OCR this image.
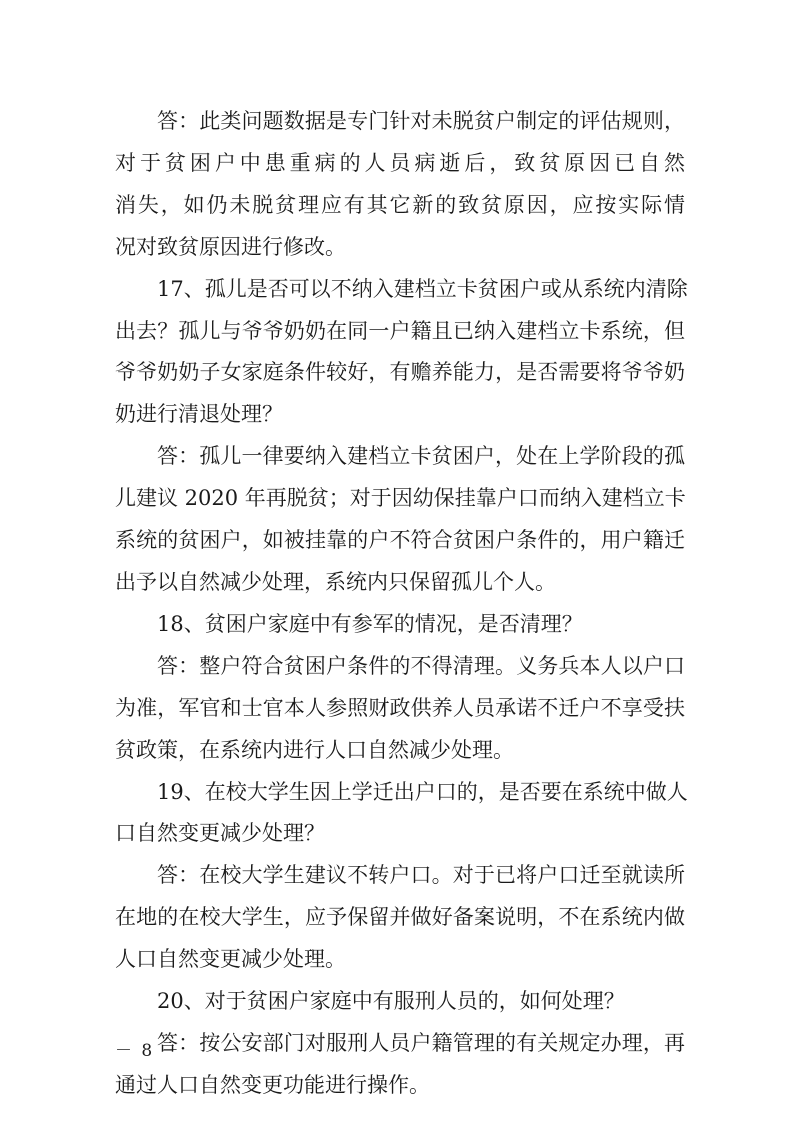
答：此类问题数据是专门针对未脱贫户制定的评估规则，
对于贫困户中患重病的人员病逝后，致贫原因已自然
消失，如仍未脱贫理应有其它新的致贫原因，应按实际情
况对致贫原因进行修改。

17、孤儿是否可以不纳入建档立卡贫困户或从系统内清除
出去？孤儿与爷爷奶奶在同一户籍且已纳入建档立卡系统，但
爷爷奶奶子女家庭条件较好，有赡养能力，是否需要将爷爷奶
奶进行清退处理？

答：孤儿一律要纳入建档立卡贫困户，处在上学阶段的孤
儿建议 2020 年再脱贫；对于因幼保挂靠户口而纳入建档立卡
系统的贫困户，如被挂靠的户不符合贫困户条件的，用户籍迁
出予以自然减少处理，系统内只保留孤儿个人。

18、贫困户家庭中有参军的情况，是否清理？

答：整户符合贫困户条件的不得清理。义务兵本人以户口
为准，军官和士官本人参照财政供养人员承诺不迁户不享受扶
贫政策，在系统内进行人口自然减少处理。

19、在校大学生因上学迁出户口的，是否要在系统中做人
口自然变更减少处理？

答：在校大学生建议不转户口。对于已将户口迁至就读所
在地的在校大学生，应予保留并做好备案说明，不在系统内做
人口自然变更减少处理。

20、对于贫困户家庭中有服刑人员的，如何处理？

答：按公安部门对服刑人员户籍管理的有关规定办理，再
通过人口自然变更功能进行操作。

－ 8 －
